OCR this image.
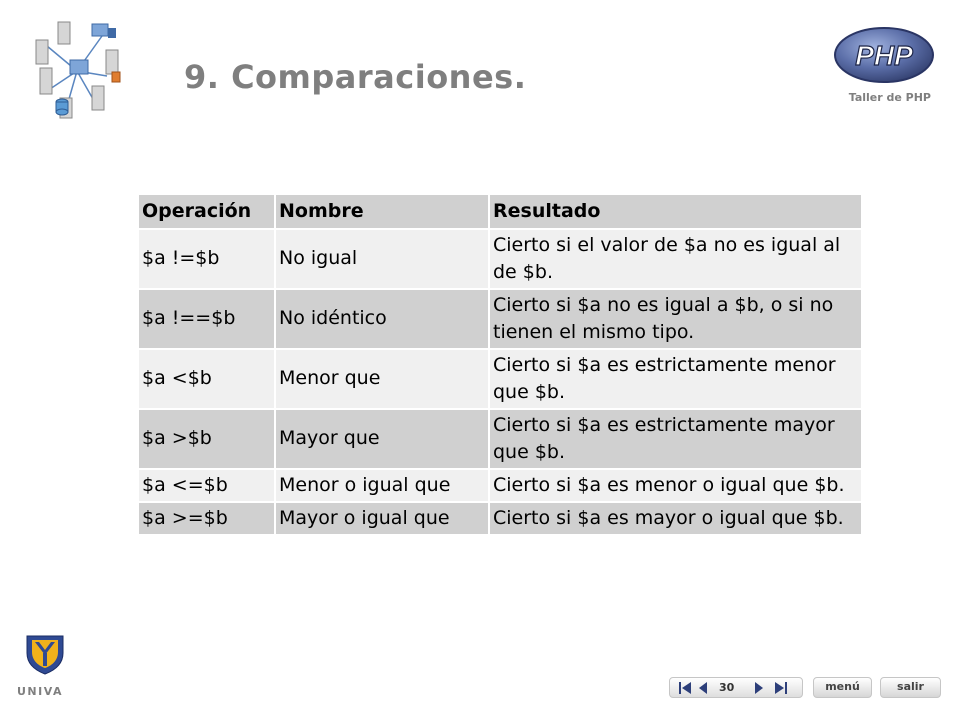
9. Comparaciones.
PHP
Taller de PHP
Operación	Nombre	Resultado
$a !=$b	No igual	Cierto si el valor de $a no es igual al de $b.
$a !==$b	No idéntico	Cierto si $a no es igual a $b, o si no tienen el mismo tipo.
$a <$b	Menor que	Cierto si $a es estrictamente menor que $b.
$a >$b	Mayor que	Cierto si $a es estrictamente mayor que $b.
$a <=$b	Menor o igual que	Cierto si $a es menor o igual que $b.
$a >=$b	Mayor o igual que	Cierto si $a es mayor o igual que $b.
UNIVA	30	menú	salir
